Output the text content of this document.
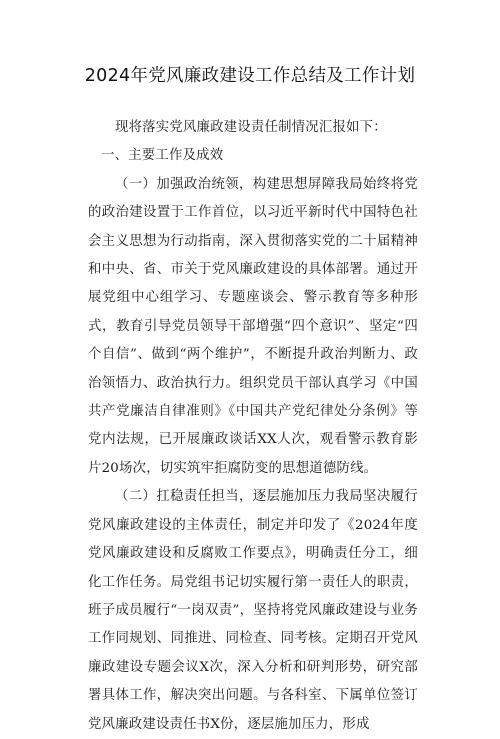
2024年党风廉政建设工作总结及工作计划

现将落实党风廉政建设责任制情况汇报如下：

一、主要工作及成效

（一）加强政治统领，构建思想屏障我局始终将党的政治建设置于工作首位，以习近平新时代中国特色社会主义思想为行动指南，深入贯彻落实党的二十届精神和中央、省、市关于党风廉政建设的具体部署。通过开展党组中心组学习、专题座谈会、警示教育等多种形式，教育引导党员领导干部增强“四个意识”、坚定“四个自信”、做到“两个维护”，不断提升政治判断力、政治领悟力、政治执行力。组织党员干部认真学习《中国共产党廉洁自律准则》《中国共产党纪律处分条例》等党内法规，已开展廉政谈话XX人次，观看警示教育影片20场次，切实筑牢拒腐防变的思想道德防线。

（二）扛稳责任担当，逐层施加压力我局坚决履行党风廉政建设的主体责任，制定并印发了《2024年度党风廉政建设和反腐败工作要点》，明确责任分工，细化工作任务。局党组书记切实履行第一责任人的职责，班子成员履行“一岗双责”，坚持将党风廉政建设与业务工作同规划、同推进、同检查、同考核。定期召开党风廉政建设专题会议X次，深入分析和研判形势，研究部署具体工作，解决突出问题。与各科室、下属单位签订党风廉政建设责任书X份，逐层施加压力，形成
